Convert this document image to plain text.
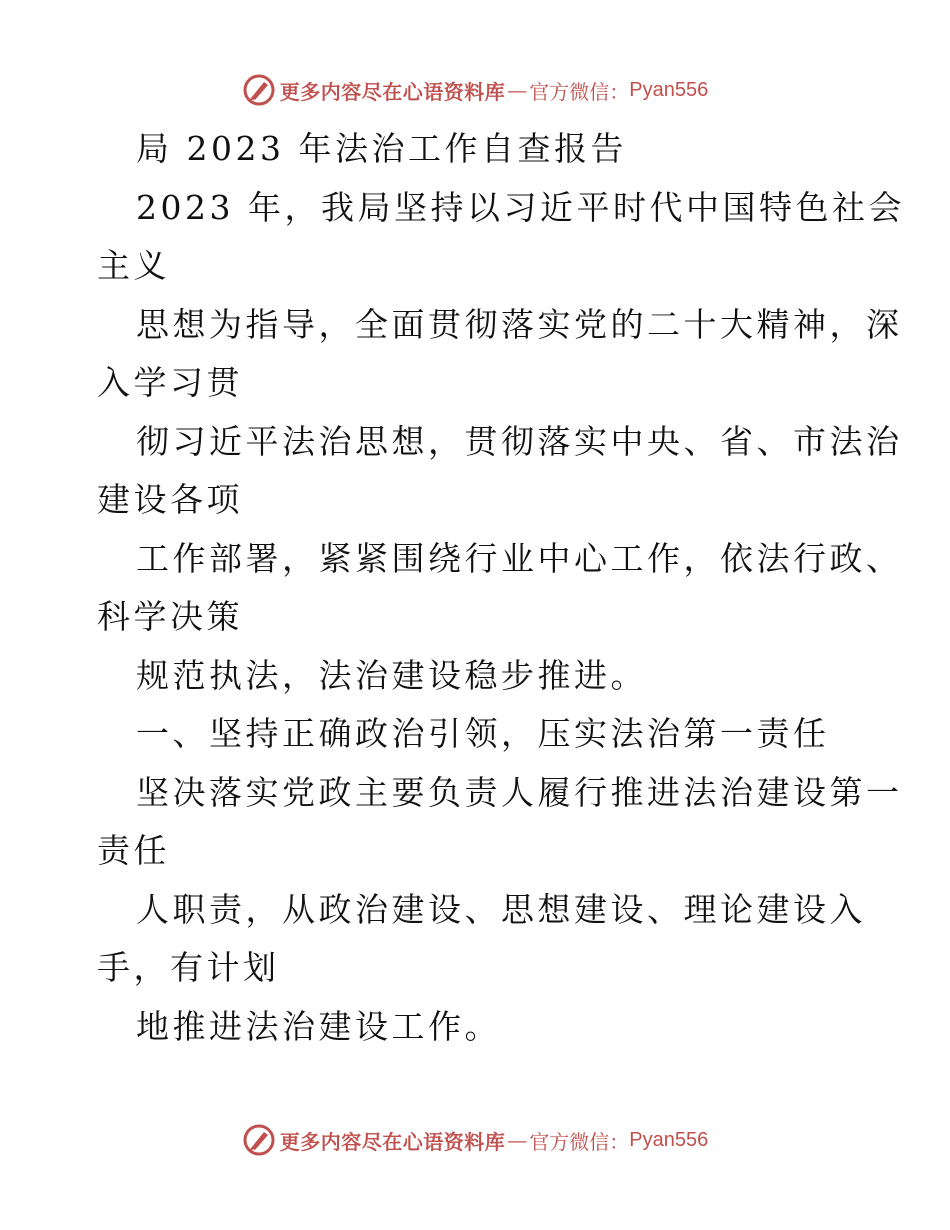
更多内容尽在心语资料库 — 官方微信： Pyan556
局 2023 年法治工作自查报告
2023 年，我局坚持以习近平时代中国特色社会
主义
思想为指导，全面贯彻落实党的二十大精神，深
入学习贯
彻习近平法治思想，贯彻落实中央、省、市法治
建设各项
工作部署，紧紧围绕行业中心工作，依法行政、
科学决策
规范执法，法治建设稳步推进。
一、坚持正确政治引领，压实法治第一责任
坚决落实党政主要负责人履行推进法治建设第一
责任
人职责，从政治建设、思想建设、理论建设入
手，有计划
地推进法治建设工作。
更多内容尽在心语资料库 — 官方微信： Pyan556
